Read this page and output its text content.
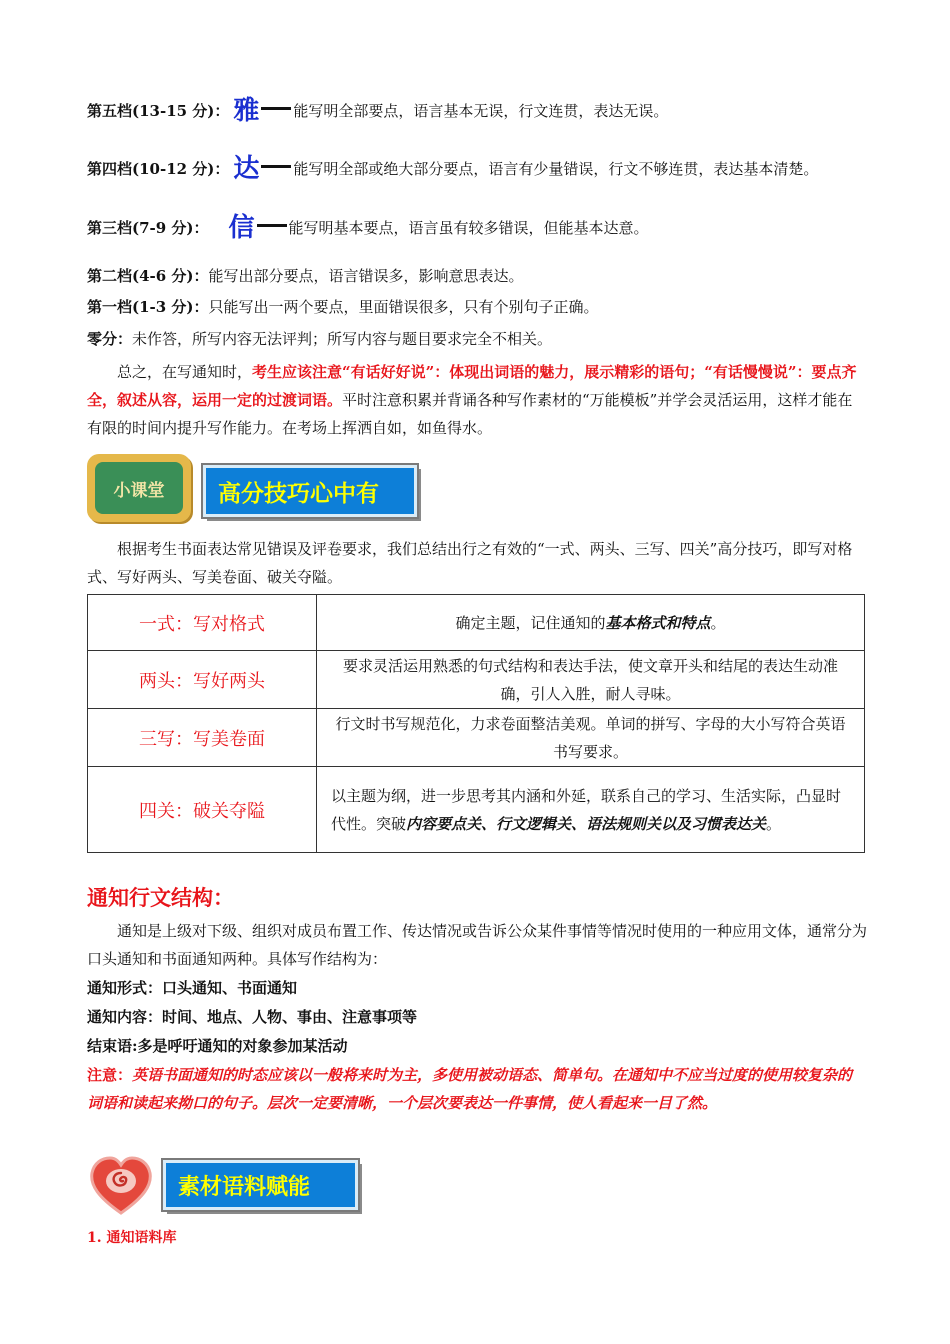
第五档(13-15 分)： 雅 能写明全部要点，语言基本无误，行文连贯，表达无误。
第四档(10-12 分)： 达 能写明全部或绝大部分要点，语言有少量错误，行文不够连贯，表达基本清楚。
第三档(7-9 分)： 信 能写明基本要点，语言虽有较多错误，但能基本达意。
第二档(4-6 分)：能写出部分要点，语言错误多，影响意思表达。
第一档(1-3 分)：只能写出一两个要点，里面错误很多，只有个别句子正确。
零分：未作答，所写内容无法评判；所写内容与题目要求完全不相关。
总之，在写通知时，考生应该注意“有话好好说”：体现出词语的魅力，展示精彩的语句；“有话慢慢说”：要点齐全，叙述从容，运用一定的过渡词语。平时注意积累并背诵各种写作素材的“万能模板”并学会灵活运用，这样才能在有限的时间内提升写作能力。在考场上挥洒自如，如鱼得水。
小课堂	高分技巧心中有
根据考生书面表达常见错误及评卷要求，我们总结出行之有效的“一式、两头、三写、四关”高分技巧，即写对格式、写好两头、写美卷面、破关夺隘。
一式：写对格式	确定主题，记住通知的基本格式和特点。
两头：写好两头	要求灵活运用熟悉的句式结构和表达手法，使文章开头和结尾的表达生动准确，引人入胜，耐人寻味。
三写：写美卷面	行文时书写规范化，力求卷面整洁美观。单词的拼写、字母的大小写符合英语书写要求。
四关：破关夺隘	以主题为纲，进一步思考其内涵和外延，联系自己的学习、生活实际，凸显时代性。突破内容要点关、行文逻辑关、语法规则关以及习惯表达关。
通知行文结构：
通知是上级对下级、组织对成员布置工作、传达情况或告诉公众某件事情等情况时使用的一种应用文体，通常分为口头通知和书面通知两种。具体写作结构为：
通知形式：口头通知、书面通知
通知内容：时间、地点、人物、事由、注意事项等
结束语:多是呼吁通知的对象参加某活动
注意：英语书面通知的时态应该以一般将来时为主，多使用被动语态、简单句。在通知中不应当过度的使用较复杂的词语和读起来拗口的句子。层次一定要清晰，一个层次要表达一件事情，使人看起来一目了然。
素材语料赋能
1. 通知语料库
